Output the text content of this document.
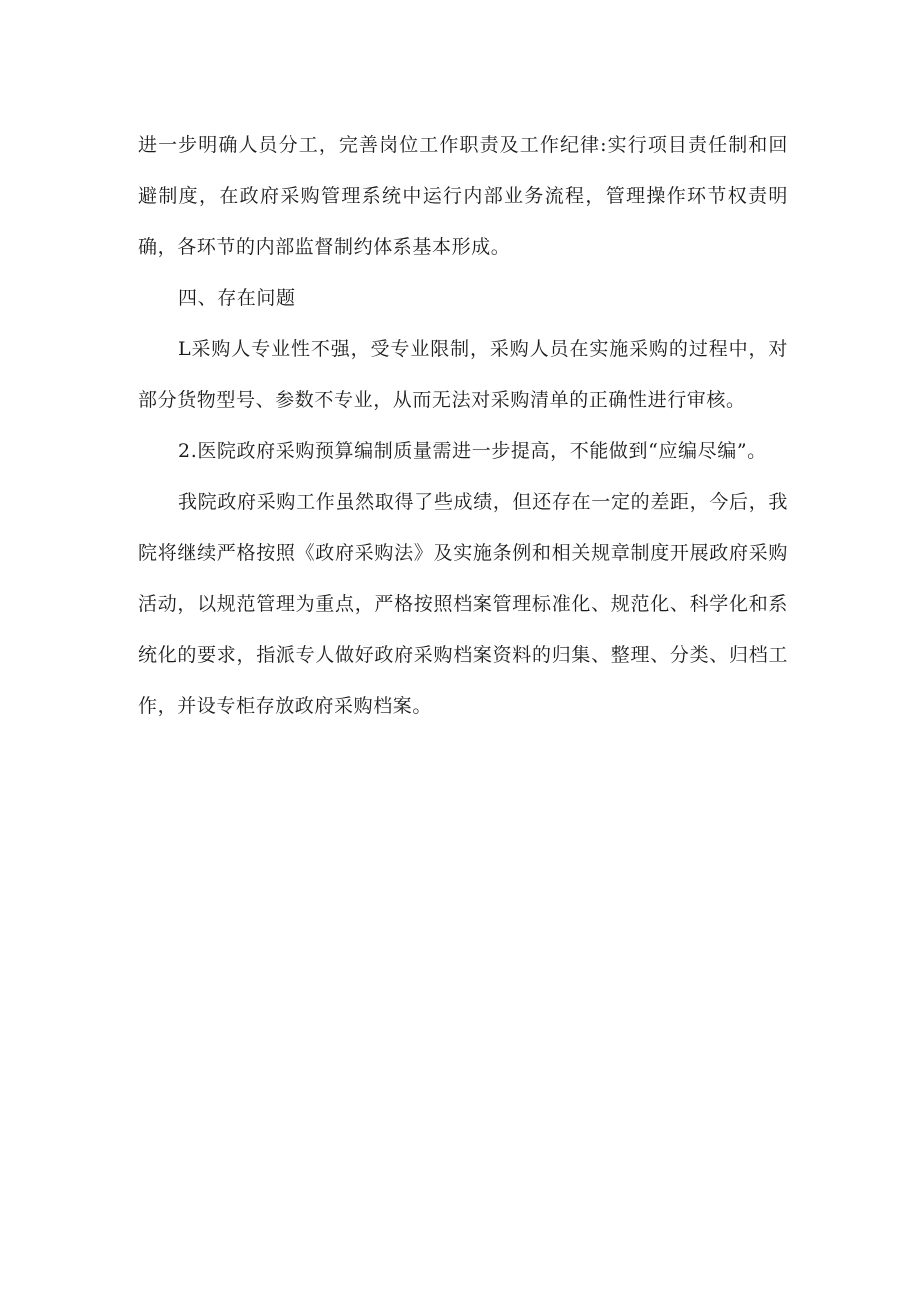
进一步明确人员分工，完善岗位工作职责及工作纪律:实行项目责任制和回避制度，在政府采购管理系统中运行内部业务流程，管理操作环节权责明确，各环节的内部监督制约体系基本形成。

四、存在问题

L采购人专业性不强，受专业限制，采购人员在实施采购的过程中，对部分货物型号、参数不专业，从而无法对采购清单的正确性进行审核。

2.医院政府采购预算编制质量需进一步提高，不能做到“应编尽编”。

我院政府采购工作虽然取得了些成绩，但还存在一定的差距，今后，我院将继续严格按照《政府采购法》及实施条例和相关规章制度开展政府采购活动，以规范管理为重点，严格按照档案管理标准化、规范化、科学化和系统化的要求，指派专人做好政府采购档案资料的归集、整理、分类、归档工作，并设专柜存放政府采购档案。
